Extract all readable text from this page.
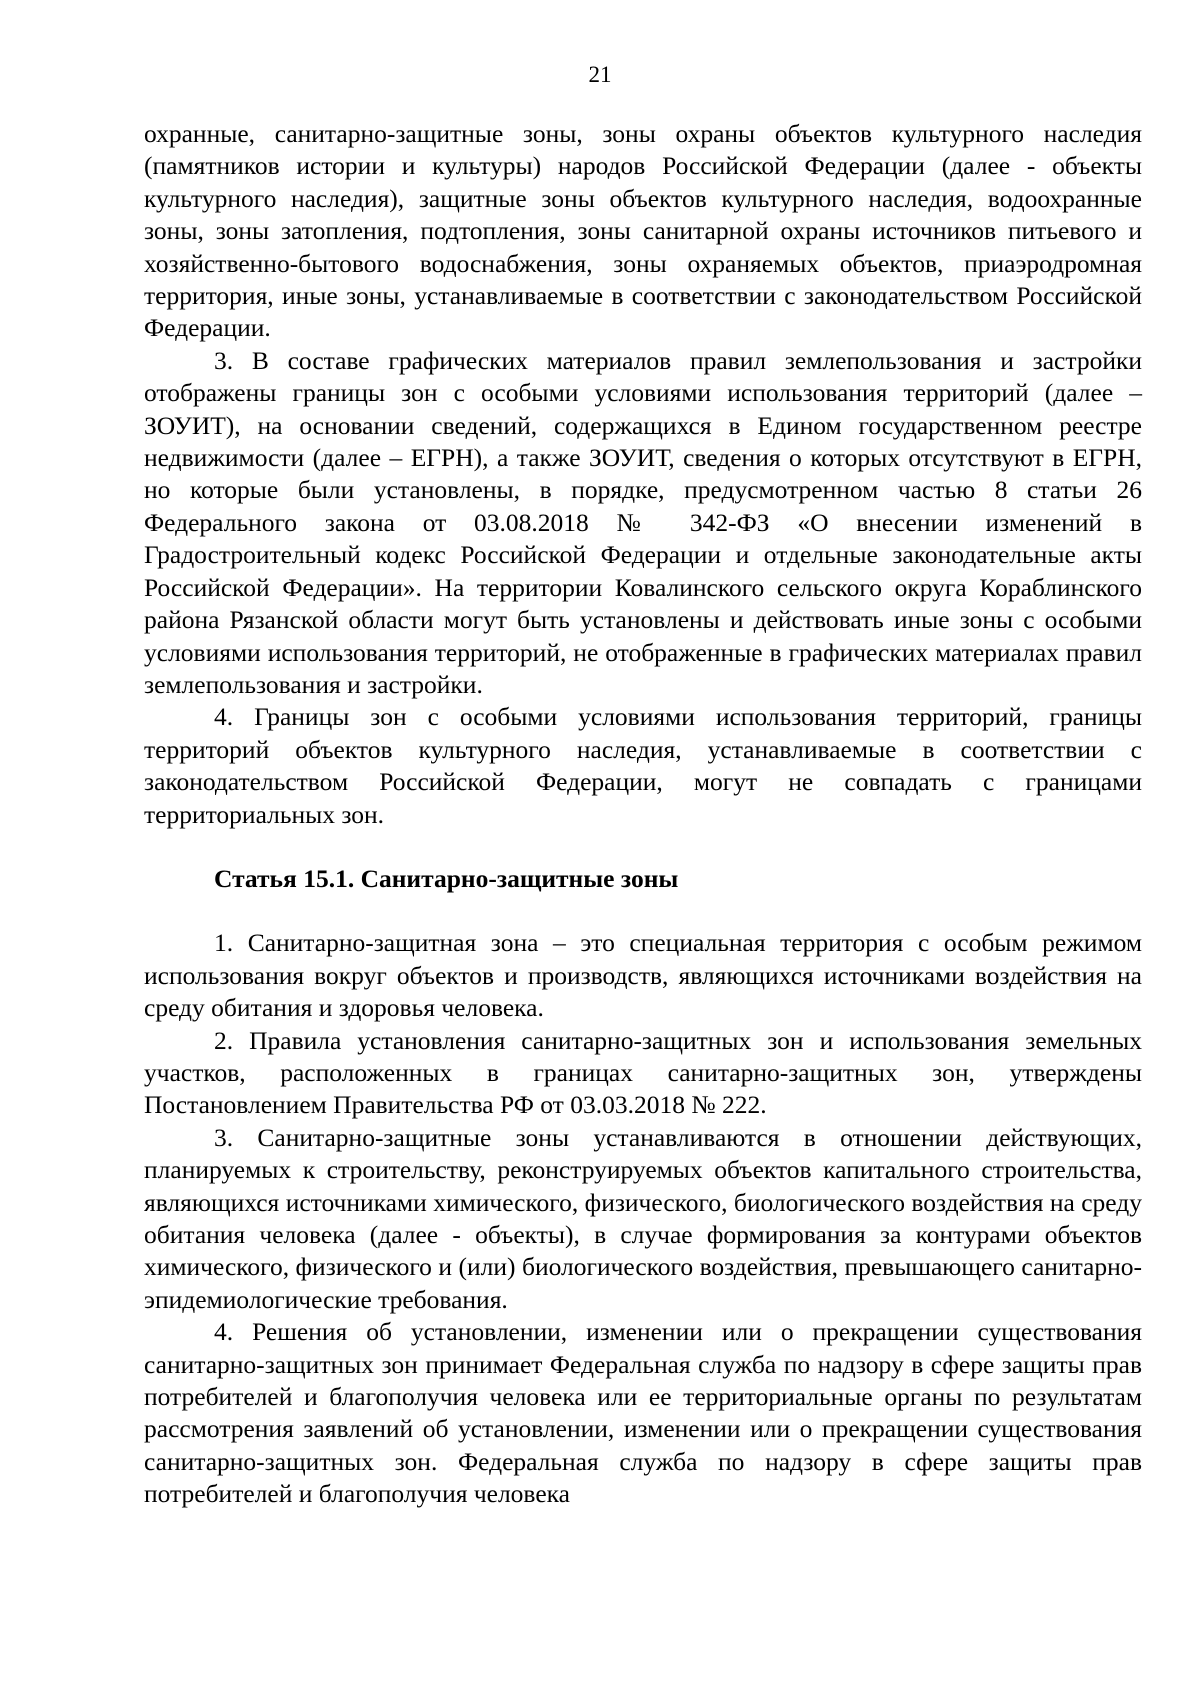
21

охранные, санитарно-защитные зоны, зоны охраны объектов культурного наследия (памятников истории и культуры) народов Российской Федерации (далее - объекты культурного наследия), защитные зоны объектов культурного наследия, водоохранные зоны, зоны затопления, подтопления, зоны санитарной охраны источников питьевого и хозяйственно-бытового водоснабжения, зоны охраняемых объектов, приаэродромная территория, иные зоны, устанавливаемые в соответствии с законодательством Российской Федерации.

3. В составе графических материалов правил землепользования и застройки отображены границы зон с особыми условиями использования территорий (далее – ЗОУИТ), на основании сведений, содержащихся в Едином государственном реестре недвижимости (далее – ЕГРН), а также ЗОУИТ, сведения о которых отсутствуют в ЕГРН, но которые были установлены, в порядке, предусмотренном частью 8 статьи 26 Федерального закона от 03.08.2018 № 342-ФЗ «О внесении изменений в Градостроительный кодекс Российской Федерации и отдельные законодательные акты Российской Федерации». На территории Ковалинского сельского округа Кораблинского района Рязанской области могут быть установлены и действовать иные зоны с особыми условиями использования территорий, не отображенные в графических материалах правил землепользования и застройки.

4. Границы зон с особыми условиями использования территорий, границы территорий объектов культурного наследия, устанавливаемые в соответствии с законодательством Российской Федерации, могут не совпадать с границами территориальных зон.

Статья 15.1. Санитарно-защитные зоны

1. Санитарно-защитная зона – это специальная территория с особым режимом использования вокруг объектов и производств, являющихся источниками воздействия на среду обитания и здоровья человека.

2. Правила установления санитарно-защитных зон и использования земельных участков, расположенных в границах санитарно-защитных зон, утверждены Постановлением Правительства РФ от 03.03.2018 № 222.

3. Санитарно-защитные зоны устанавливаются в отношении действующих, планируемых к строительству, реконструируемых объектов капитального строительства, являющихся источниками химического, физического, биологического воздействия на среду обитания человека (далее - объекты), в случае формирования за контурами объектов химического, физического и (или) биологического воздействия, превышающего санитарно-эпидемиологические требования.

4. Решения об установлении, изменении или о прекращении существования санитарно-защитных зон принимает Федеральная служба по надзору в сфере защиты прав потребителей и благополучия человека или ее территориальные органы по результатам рассмотрения заявлений об установлении, изменении или о прекращении существования санитарно-защитных зон. Федеральная служба по надзору в сфере защиты прав потребителей и благополучия человека
